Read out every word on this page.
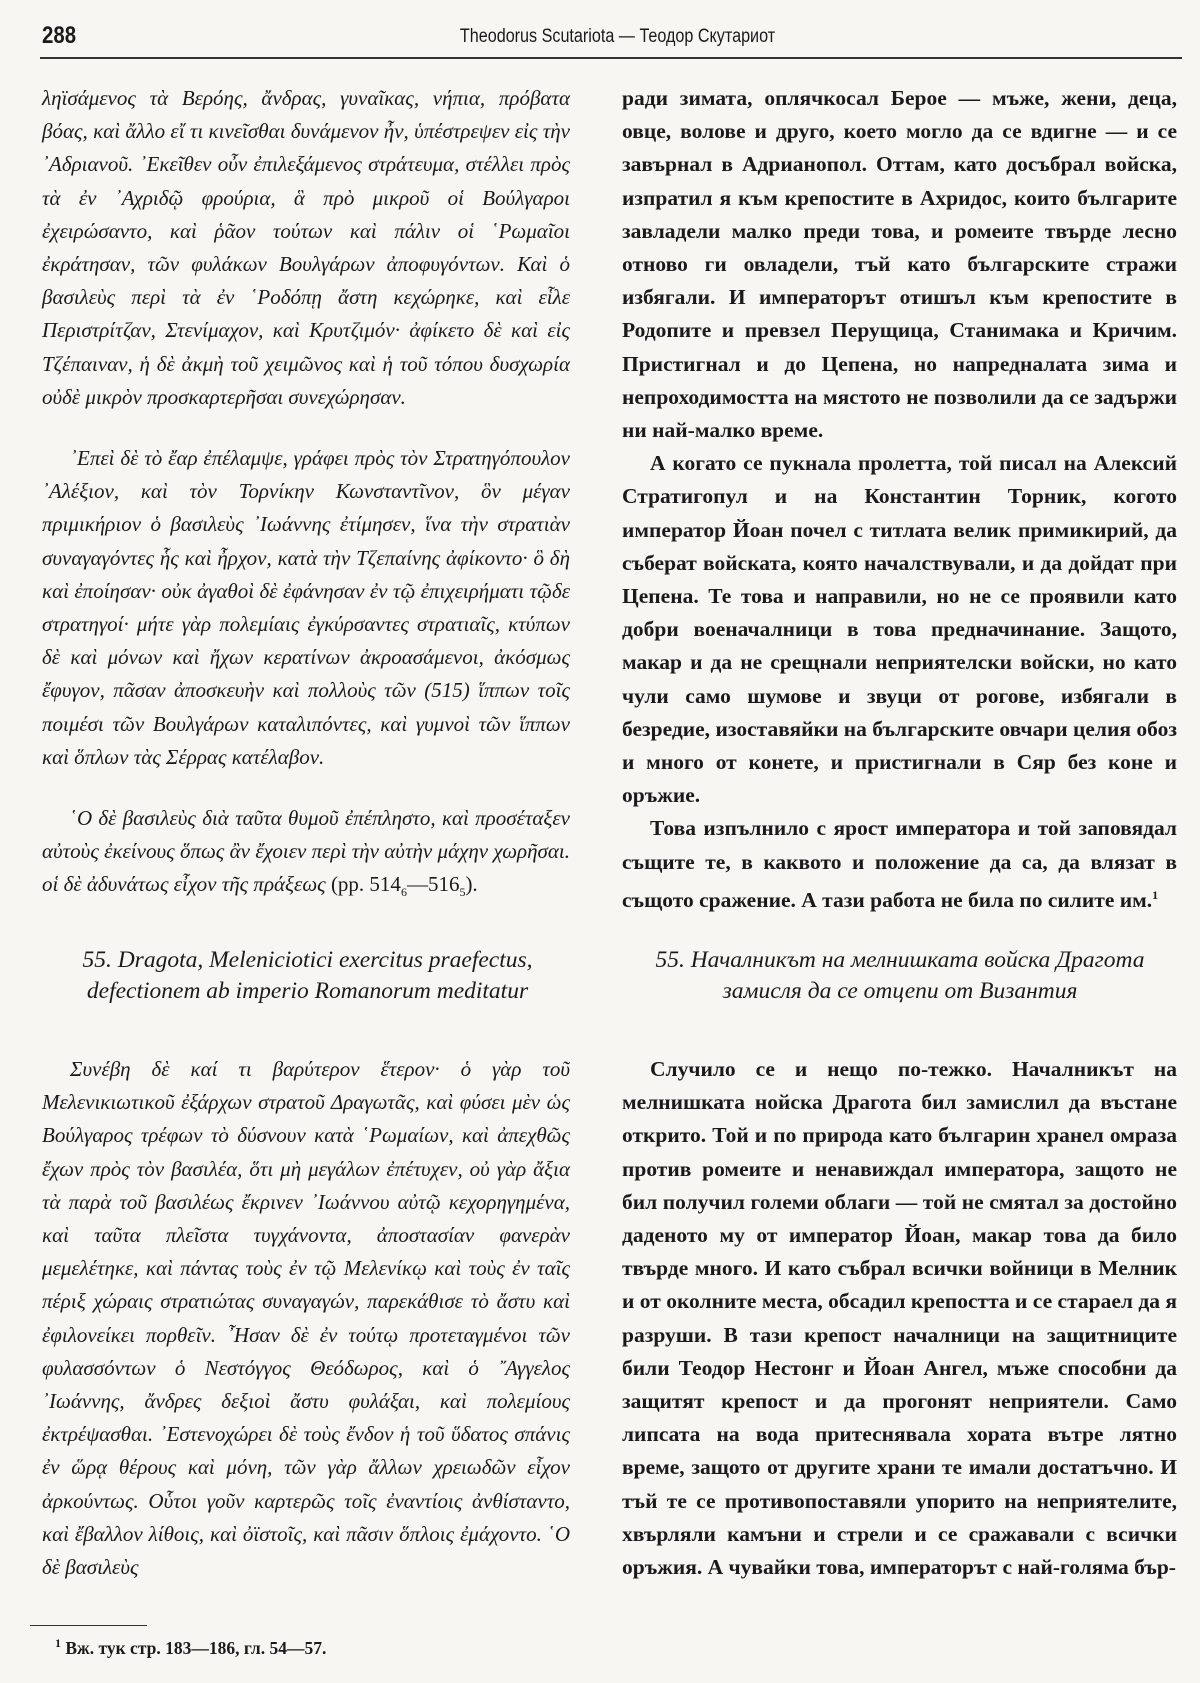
288	Theodorus Scutariota — Теодор Скутариот

ληϊσάμενος τὰ Βερόης, ἄνδρας, γυναῖκας, νήπια, πρόβατα βόας, καὶ ἄλλο εἴ τι κινεῖσθαι δυνάμενον ἦν, ὑπέστρεψεν εἰς τὴν ᾿Αδριανοῦ. ᾿Εκεῖθεν οὖν ἐπιλεξάμενος στράτευμα, στέλλει πρὸς τὰ ἐν ᾿Αχριδῷ φρούρια, ἃ πρὸ μικροῦ οἱ Βούλγαροι ἐχειρώσαντο, καὶ ῥᾶον τούτων καὶ πάλιν οἱ ῾Ρωμαῖοι ἐκράτησαν, τῶν φυλάκων Βουλγάρων ἀποφυγόντων. Καὶ ὁ βασιλεὺς περὶ τὰ ἐν ῾Ροδόπῃ ἄστη κεχώρηκε, καὶ εἷλε Περιστρίτζαν, Στενίμαχον, καὶ Κρυτζιμόν· ἀφίκετο δὲ καὶ εἰς Τζέπαιναν, ἡ δὲ ἀκμὴ τοῦ χειμῶνος καὶ ἡ τοῦ τόπου δυσχωρία οὐδὲ μικρὸν προσκαρτερῆσαι συνεχώρησαν.

᾿Επεὶ δὲ τὸ ἔαρ ἐπέλαμψε, γράφει πρὸς τὸν Στρατηγόπουλον ᾿Αλέξιον, καὶ τὸν Τορνίκην Κωνσταντῖνον, ὃν μέγαν πριμικήριον ὁ βασιλεὺς ᾿Ιωάννης ἐτίμησεν, ἵνα τὴν στρατιὰν συναγαγόντες ἧς καὶ ἦρχον, κατὰ τὴν Τζεπαίνης ἀφίκοντο· ὃ δὴ καὶ ἐποίησαν· οὐκ ἀγαθοὶ δὲ ἐφάνησαν ἐν τῷ ἐπιχειρήματι τῷδε στρατηγοί· μήτε γὰρ πολεμίαις ἐγκύρσαντες στρατιαῖς, κτύπων δὲ καὶ μόνων καὶ ἤχων κερατίνων ἀκροασάμενοι, ἀκόσμως ἔφυγον, πᾶσαν ἀποσκευὴν καὶ πολλοὺς τῶν (515) ἵππων τοῖς ποιμέσι τῶν Βουλγάρων καταλιπόντες, καὶ γυμνοὶ τῶν ἵππων καὶ ὅπλων τὰς Σέρρας κατέλαβον.

῾Ο δὲ βασιλεὺς διὰ ταῦτα θυμοῦ ἐπέπληστο, καὶ προσέταξεν αὐτοὺς ἐκείνους ὅπως ἂν ἔχοιεν περὶ τὴν αὐτὴν μάχην χωρῆσαι. οἱ δὲ ἀδυνάτως εἶχον τῆς πράξεως (pp. $514_6—516_5$).

ради зимата, оплячкосал Берое — мъже, жени, деца, овце, волове и друго, което могло да се вдигне — и се завърнал в Адрианопол. Оттам, като досъбрал войска, изпратил я към крепостите в Ахридос, които българите завладели малко преди това, и ромеите твърде лесно отново ги овладели, тъй като българските стражи избягали. И императорът отишъл към крепостите в Родопите и превзел Перущица, Станимака и Кричим. Пристигнал и до Цепена, но напредналата зима и непроходимостта на мястото не позволили да се задържи ни най-малко време.

А когато се пукнала пролетта, той писал на Алексий Стратигопул и на Константин Торник, когото император Йоан почел с титлата велик примикирий, да съберат войската, която началствували, и да дойдат при Цепена. Те това и направили, но не се проявили като добри военачалници в това предначинание. Защото, макар и да не срещнали неприятелски войски, но като чули само шумове и звуци от рогове, избягали в безредие, изоставяйки на българските овчари целия обоз и много от конете, и пристигнали в Сяр без коне и оръжие.

Това изпълнило с ярост императора и той заповядал същите те, в каквото и положение да са, да влязат в същото сражение. А тази работа не била по силите им.$^1$

55. Dragota, Meleniciotici exercitus praefectus, defectionem ab imperio Romanorum meditatur
55. Началникът на мелнишката войска Драгота замисля да се отцепи от Византия

Συνέβη δὲ καί τι βαρύτερον ἕτερον· ὁ γὰρ τοῦ Μελενικιωτικοῦ ἐξάρχων στρατοῦ Δραγωτᾶς, καὶ φύσει μὲν ὡς Βούλγαρος τρέφων τὸ δύσνουν κατὰ ῾Ρωμαίων, καὶ ἀπεχθῶς ἔχων πρὸς τὸν βασιλέα, ὅτι μὴ μεγάλων ἐπέτυχεν, οὐ γὰρ ἄξια τὰ παρὰ τοῦ βασιλέως ἔκρινεν ᾿Ιωάννου αὐτῷ κεχορηγημένα, καὶ ταῦτα πλεῖστα τυγχάνοντα, ἀποστασίαν φανερὰν μεμελέτηκε, καὶ πάντας τοὺς ἐν τῷ Μελενίκῳ καὶ τοὺς ἐν ταῖς πέριξ χώραις στρατιώτας συναγαγών, παρεκάθισε τὸ ἄστυ καὶ ἐφιλονείκει πορθεῖν. ῏Ησαν δὲ ἐν τούτῳ προτεταγμένοι τῶν φυλασσόντων ὁ Νεστόγγος Θεόδωρος, καὶ ὁ ῎Αγγελος ᾿Ιωάννης, ἄνδρες δεξιοὶ ἄστυ φυλάξαι, καὶ πολεμίους ἐκτρέψασθαι. ᾿Εστενοχώρει δὲ τοὺς ἔνδον ἡ τοῦ ὕδατος σπάνις ἐν ὥρᾳ θέρους καὶ μόνη, τῶν γὰρ ἄλλων χρειωδῶν εἶχον ἀρκούντως. Οὗτοι γοῦν καρτερῶς τοῖς ἐναντίοις ἀνθίσταντο, καὶ ἔβαλλον λίθοις, καὶ ὀϊστοῖς, καὶ πᾶσιν ὅπλοις ἐμάχοντο. ῾Ο δὲ βασιλεὺς

Случило се и нещо по-тежко. Началникът на мелнишката нойска Драгота бил замислил да въстане открито. Той и по природа като българин хранел омраза против ромеите и ненавиждал императора, защото не бил получил големи облаги — той не смятал за достойно даденото му от император Йоан, макар това да било твърде много. И като събрал всички войници в Мелник и от околните места, обсадил крепостта и се стараел да я разруши. В тази крепост началници на защитниците били Теодор Нестонг и Йоан Ангел, мъже способни да защитят крепост и да прогонят неприятели. Само липсата на вода притеснявала хората вътре лятно време, защото от другите храни те имали достатъчно. И тъй те се противопоставяли упорито на неприятелите, хвърляли камъни и стрели и се сражавали с всички оръжия. А чувайки това, императорът с най-голяма бър-

$^1$ Вж. тук стр. 183—186, гл. 54—57.
